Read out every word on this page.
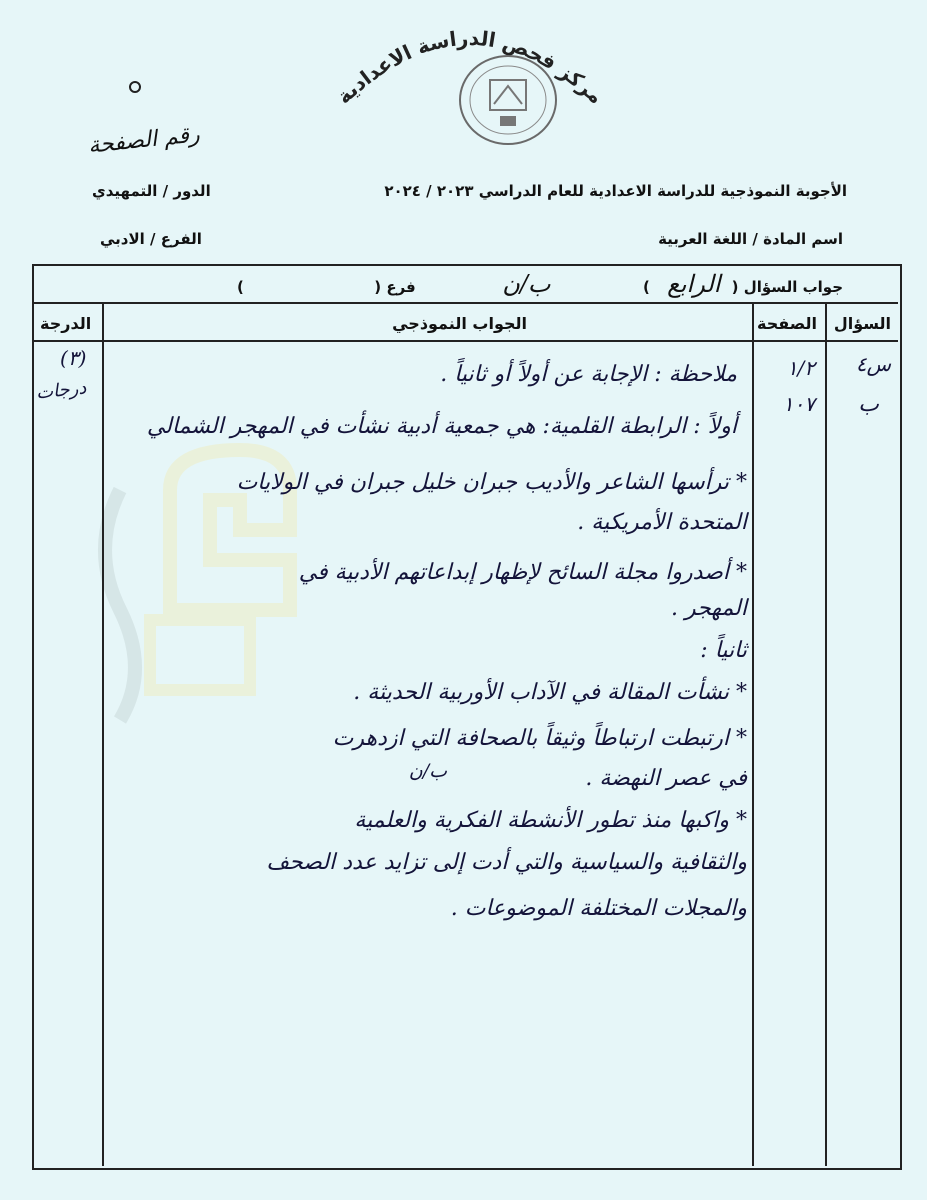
مركز فحص الدراسة الاعدادية
رقم الصفحة
الأجوبة النموذجية للدراسة الاعدادية للعام الدراسي ٢٠٢٣ / ٢٠٢٤
الدور / التمهيدي
اسم المادة / اللغة العربية
الفرع / الادبي
جواب السؤال ( الرابع )  ب/ن  فرع (  )
السؤال
الصفحة
الجواب النموذجي
الدرجة
س٤
ب
١/٢
١٠٧
(٣)
درجات
ملاحظة : الإجابة عن أولاً أو ثانياً .
أولاً : الرابطة القلمية: هي جمعية أدبية نشأت في المهجر الشمالي
* ترأسها الشاعر والأديب جبران خليل جبران في الولايات
المتحدة الأمريكية .
* أصدروا مجلة السائح لإظهار إبداعاتهم الأدبية في
المهجر .
ثانياً :
* نشأت المقالة في الآداب الأوربية الحديثة .
* ارتبطت ارتباطاً وثيقاً بالصحافة التي ازدهرت
في عصر النهضة .
ب/ن
* واكبها منذ تطور الأنشطة الفكرية والعلمية
والثقافية والسياسية والتي أدت إلى تزايد عدد الصحف
والمجلات المختلفة الموضوعات .
